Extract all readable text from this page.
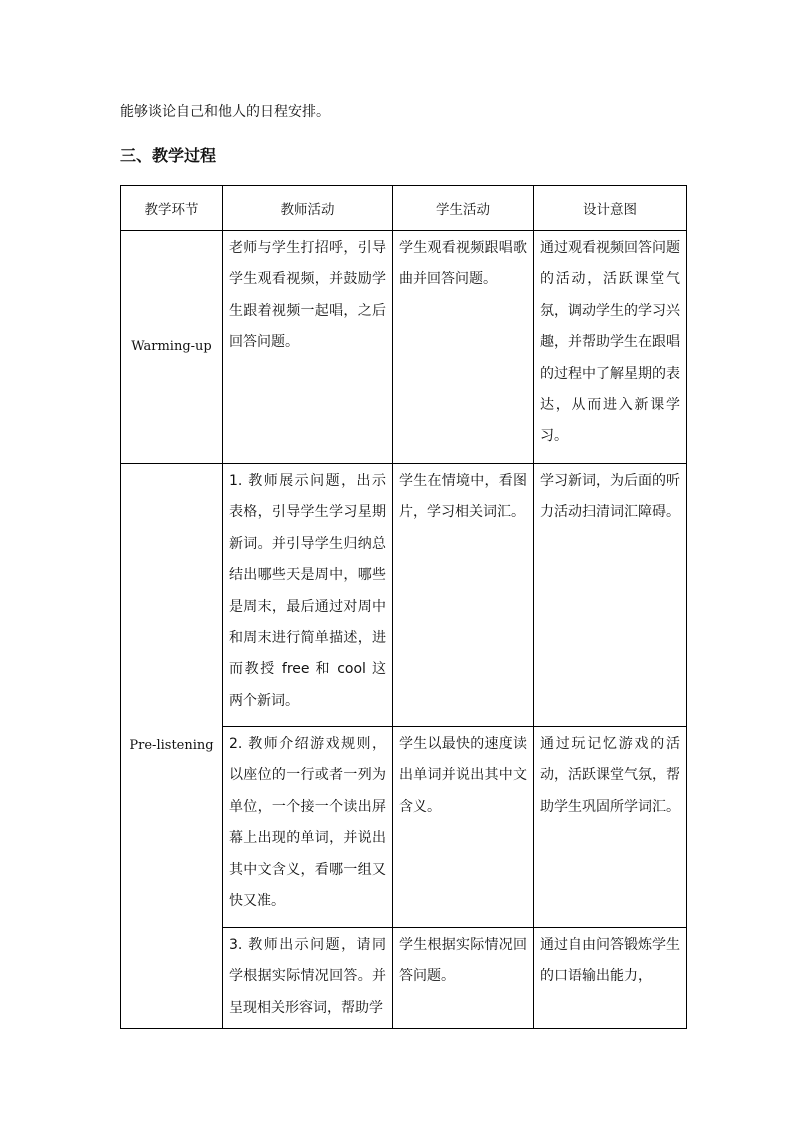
能够谈论自己和他人的日程安排。
三、教学过程
教学环节	教师活动	学生活动	设计意图
Warming-up	老师与学生打招呼，引导学生观看视频，并鼓励学生跟着视频一起唱，之后回答问题。	学生观看视频跟唱歌曲并回答问题。	通过观看视频回答问题的活动，活跃课堂气氛，调动学生的学习兴趣，并帮助学生在跟唱的过程中了解星期的表达，从而进入新课学习。
Pre-listening	1. 教师展示问题，出示表格，引导学生学习星期新词。并引导学生归纳总结出哪些天是周中，哪些是周末，最后通过对周中和周末进行简单描述，进而教授 free 和 cool 这两个新词。	学生在情境中，看图片，学习相关词汇。	学习新词，为后面的听力活动扫清词汇障碍。
	2. 教师介绍游戏规则，以座位的一行或者一列为单位，一个接一个读出屏幕上出现的单词，并说出其中文含义，看哪一组又快又准。	学生以最快的速度读出单词并说出其中文含义。	通过玩记忆游戏的活动，活跃课堂气氛，帮助学生巩固所学词汇。
	3. 教师出示问题，请同学根据实际情况回答。并呈现相关形容词，帮助学	学生根据实际情况回答问题。	通过自由问答锻炼学生的口语输出能力，
